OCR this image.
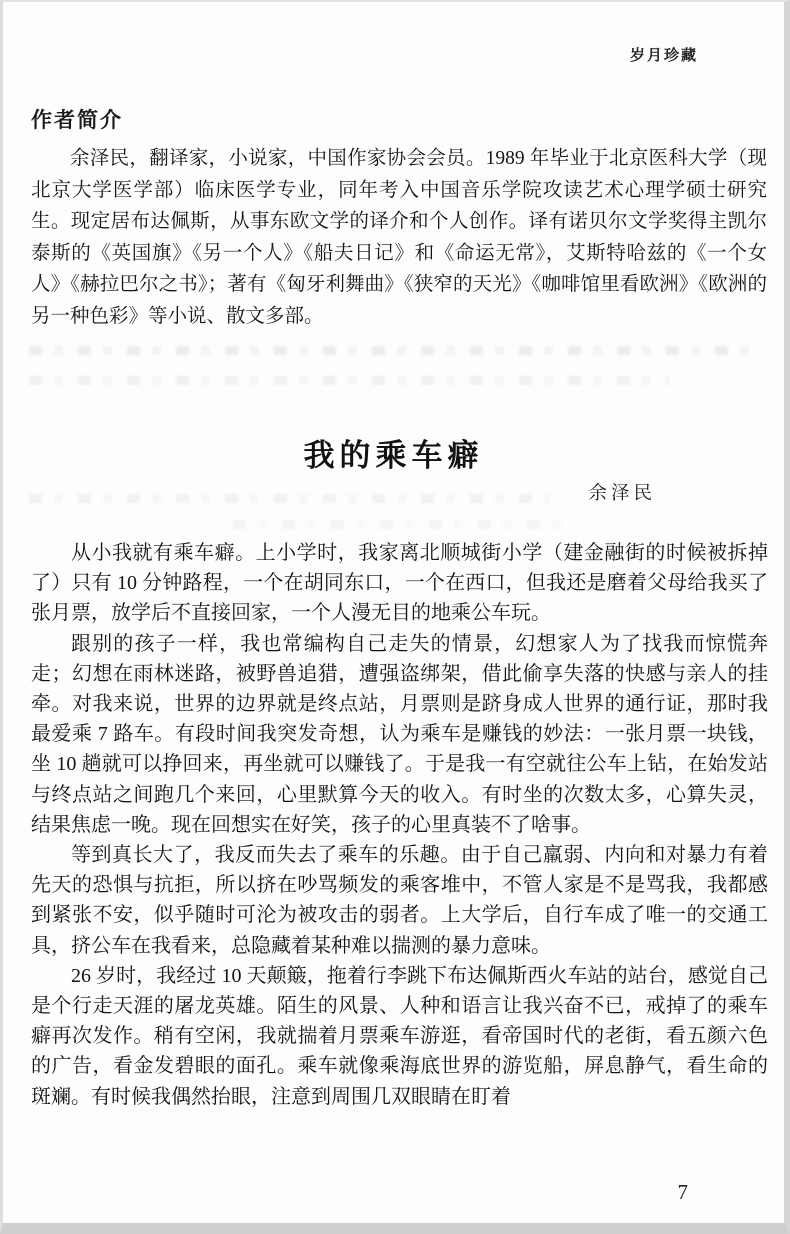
岁月珍藏
作者简介
余泽民，翻译家，小说家，中国作家协会会员。1989 年毕业于北京医科大学（现北京大学医学部）临床医学专业，同年考入中国音乐学院攻读艺术心理学硕士研究生。现定居布达佩斯，从事东欧文学的译介和个人创作。译有诺贝尔文学奖得主凯尔泰斯的《英国旗》《另一个人》《船夫日记》和《命运无常》，艾斯特哈兹的《一个女人》《赫拉巴尔之书》；著有《匈牙利舞曲》《狭窄的天光》《咖啡馆里看欧洲》《欧洲的另一种色彩》等小说、散文多部。
我的乘车癖
余泽民

从小我就有乘车癖。上小学时，我家离北顺城街小学（建金融街的时候被拆掉了）只有 10 分钟路程，一个在胡同东口，一个在西口，但我还是磨着父母给我买了张月票，放学后不直接回家，一个人漫无目的地乘公车玩。

跟别的孩子一样，我也常编构自己走失的情景，幻想家人为了找我而惊慌奔走；幻想在雨林迷路，被野兽追猎，遭强盗绑架，借此偷享失落的快感与亲人的挂牵。对我来说，世界的边界就是终点站，月票则是跻身成人世界的通行证，那时我最爱乘 7 路车。有段时间我突发奇想，认为乘车是赚钱的妙法：一张月票一块钱，坐 10 趟就可以挣回来，再坐就可以赚钱了。于是我一有空就往公车上钻，在始发站与终点站之间跑几个来回，心里默算今天的收入。有时坐的次数太多，心算失灵，结果焦虑一晚。现在回想实在好笑，孩子的心里真装不了啥事。

等到真长大了，我反而失去了乘车的乐趣。由于自己羸弱、内向和对暴力有着先天的恐惧与抗拒，所以挤在吵骂频发的乘客堆中，不管人家是不是骂我，我都感到紧张不安，似乎随时可沦为被攻击的弱者。上大学后，自行车成了唯一的交通工具，挤公车在我看来，总隐藏着某种难以揣测的暴力意味。

26 岁时，我经过 10 天颠簸，拖着行李跳下布达佩斯西火车站的站台，感觉自己是个行走天涯的屠龙英雄。陌生的风景、人种和语言让我兴奋不已，戒掉了的乘车癖再次发作。稍有空闲，我就揣着月票乘车游逛，看帝国时代的老街，看五颜六色的广告，看金发碧眼的面孔。乘车就像乘海底世界的游览船，屏息静气，看生命的斑斓。有时候我偶然抬眼，注意到周围几双眼睛在盯着

7
